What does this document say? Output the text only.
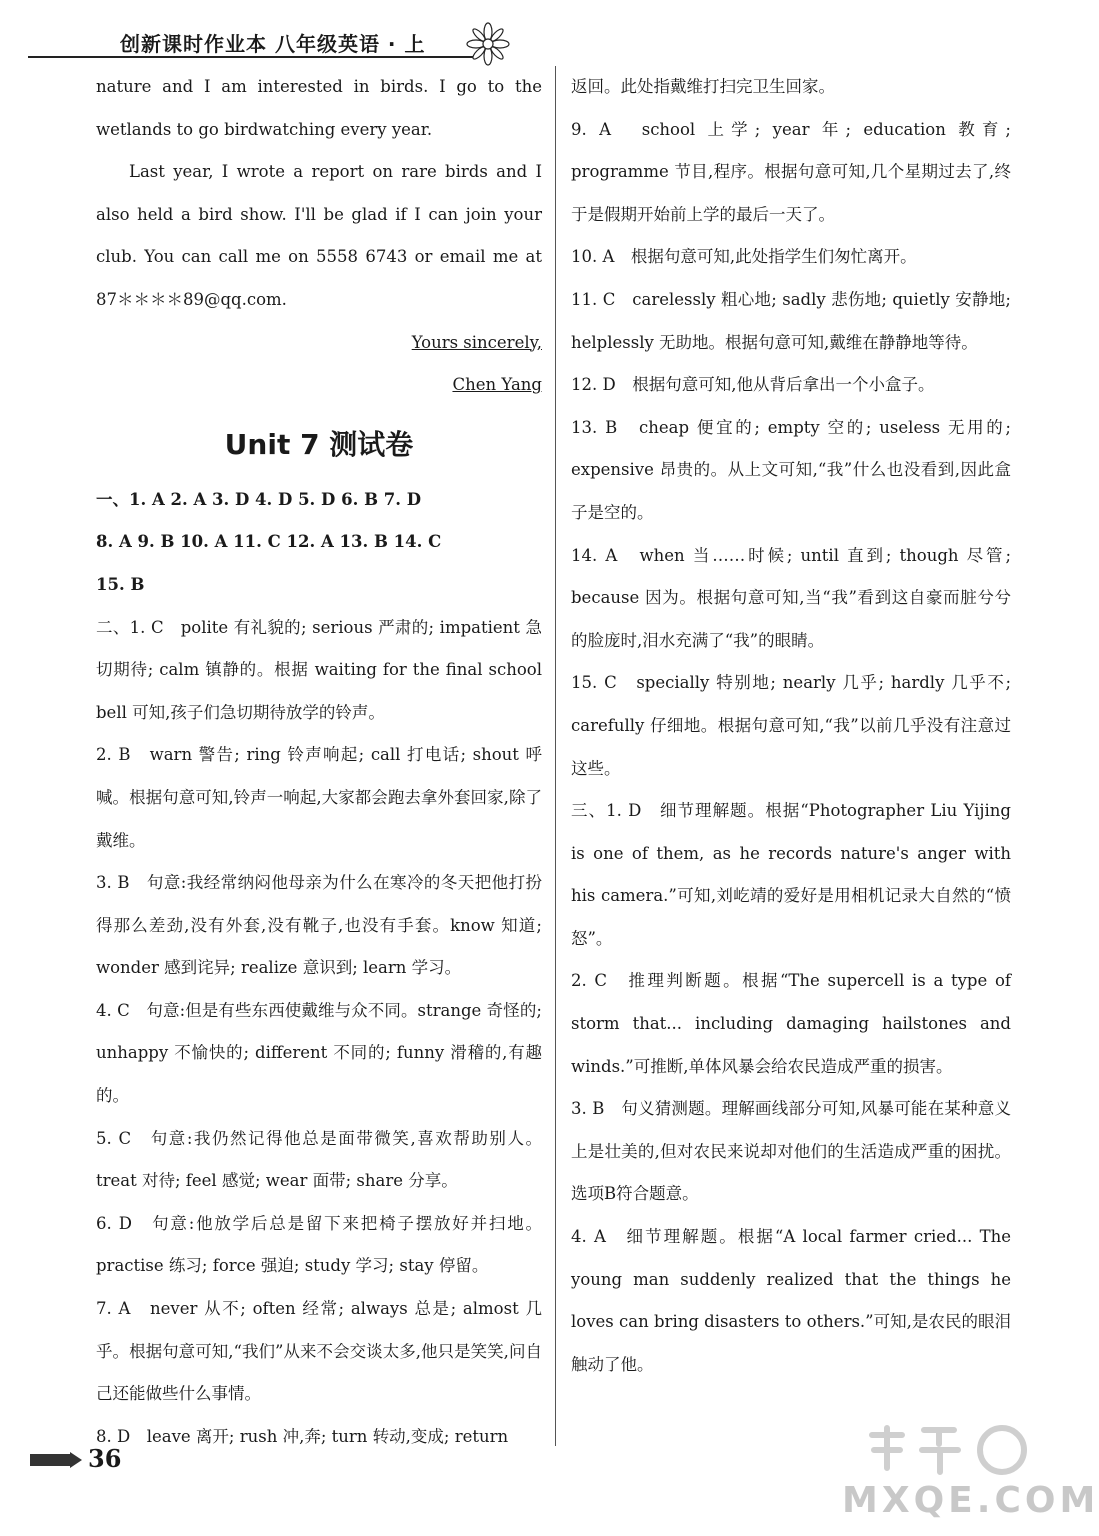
创新课时作业本 八年级英语 · 上
nature and I am interested in birds. I go to the wetlands to go birdwatching every year.
Last year, I wrote a report on rare birds and I also held a bird show. I'll be glad if I can join your club. You can call me on 5558 6743 or email me at 87＊＊＊＊89@qq.com.
Yours sincerely,
Chen Yang
Unit 7 测试卷
一、1. A 2. A 3. D 4. D 5. D 6. B 7. D
8. A 9. B 10. A 11. C 12. A 13. B 14. C
15. B
二、1. C　polite 有礼貌的; serious 严肃的; impatient 急切期待; calm 镇静的。根据 waiting for the final school bell 可知,孩子们急切期待放学的铃声。
2. B　warn 警告; ring 铃声响起; call 打电话; shout 呼喊。根据句意可知,铃声一响起,大家都会跑去拿外套回家,除了戴维。
3. B　句意:我经常纳闷他母亲为什么在寒冷的冬天把他打扮得那么差劲,没有外套,没有靴子,也没有手套。know 知道; wonder 感到诧异; realize 意识到; learn 学习。
4. C　句意:但是有些东西使戴维与众不同。strange 奇怪的; unhappy 不愉快的; different 不同的; funny 滑稽的,有趣的。
5. C　句意:我仍然记得他总是面带微笑,喜欢帮助别人。treat 对待; feel 感觉; wear 面带; share 分享。
6. D　句意:他放学后总是留下来把椅子摆放好并扫地。practise 练习; force 强迫; study 学习; stay 停留。
7. A　never 从不; often 经常; always 总是; almost 几乎。根据句意可知,“我们”从来不会交谈太多,他只是笑笑,问自己还能做些什么事情。
8. D　leave 离开; rush 冲,奔; turn 转动,变成; return
返回。此处指戴维打扫完卫生回家。
9. A　school 上学; year 年; education 教育; programme 节目,程序。根据句意可知,几个星期过去了,终于是假期开始前上学的最后一天了。
10. A　根据句意可知,此处指学生们匆忙离开。
11. C　carelessly 粗心地; sadly 悲伤地; quietly 安静地; helplessly 无助地。根据句意可知,戴维在静静地等待。
12. D　根据句意可知,他从背后拿出一个小盒子。
13. B　cheap 便宜的; empty 空的; useless 无用的; expensive 昂贵的。从上文可知,“我”什么也没看到,因此盒子是空的。
14. A　when 当……时候; until 直到; though 尽管; because 因为。根据句意可知,当“我”看到这自豪而脏兮兮的脸庞时,泪水充满了“我”的眼睛。
15. C　specially 特别地; nearly 几乎; hardly 几乎不; carefully 仔细地。根据句意可知,“我”以前几乎没有注意过这些。
三、1. D　细节理解题。根据“Photographer Liu Yijing is one of them, as he records nature's anger with his camera.”可知,刘屹靖的爱好是用相机记录大自然的“愤怒”。
2. C　推理判断题。根据“The supercell is a type of storm that... including damaging hailstones and winds.”可推断,单体风暴会给农民造成严重的损害。
3. B　句义猜测题。理解画线部分可知,风暴可能在某种意义上是壮美的,但对农民来说却对他们的生活造成严重的困扰。选项B符合题意。
4. A　细节理解题。根据“A local farmer cried... The young man suddenly realized that the things he loves can bring disasters to others.”可知,是农民的眼泪触动了他。
36
MXQE.COM
